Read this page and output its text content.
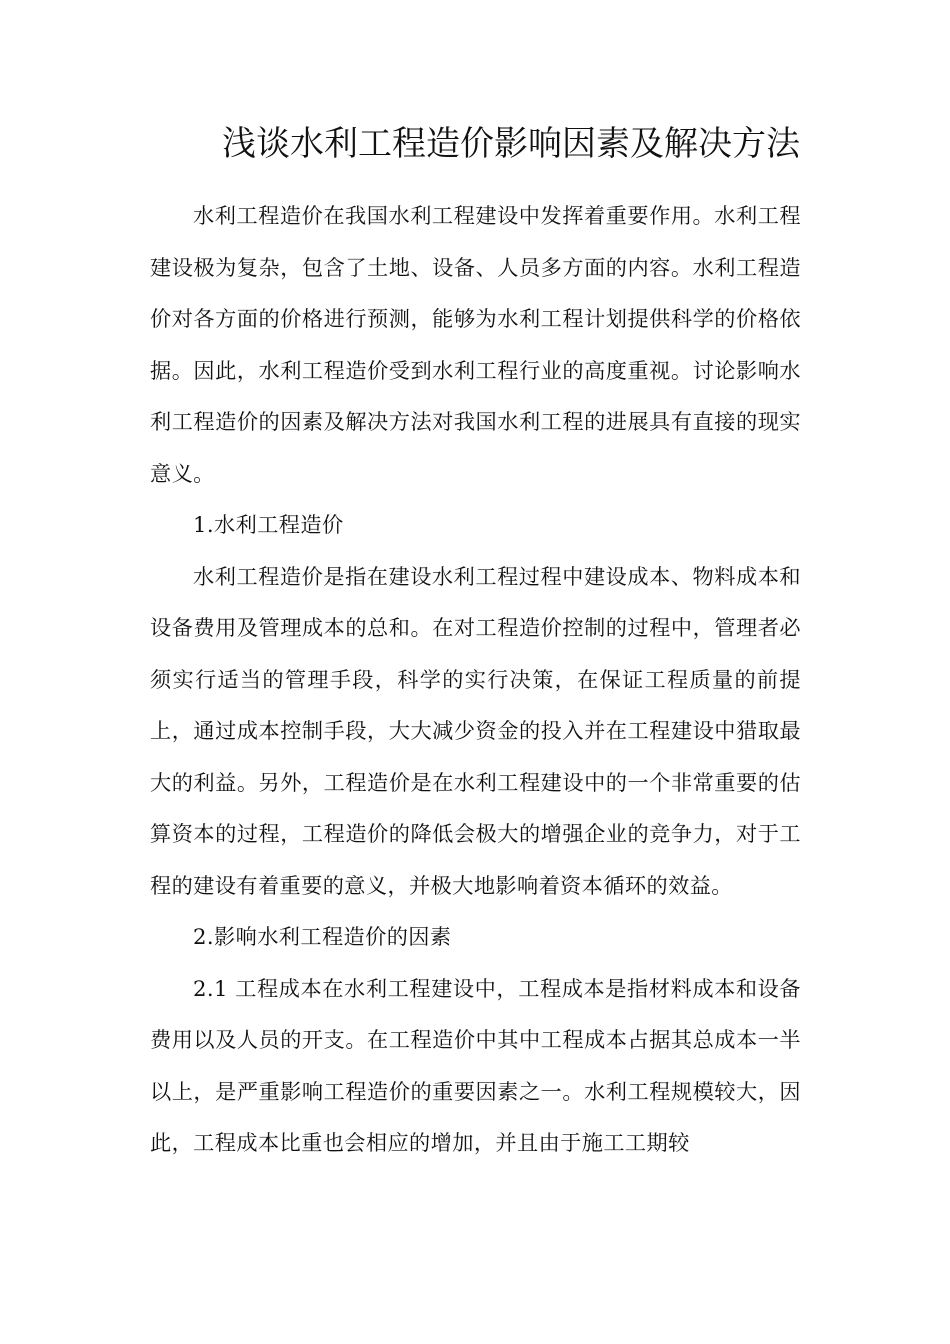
浅谈水利工程造价影响因素及解决方法

水利工程造价在我国水利工程建设中发挥着重要作用。水利工程建设极为复杂，包含了土地、设备、人员多方面的内容。水利工程造价对各方面的价格进行预测，能够为水利工程计划提供科学的价格依据。因此，水利工程造价受到水利工程行业的高度重视。讨论影响水利工程造价的因素及解决方法对我国水利工程的进展具有直接的现实意义。

1.水利工程造价

水利工程造价是指在建设水利工程过程中建设成本、物料成本和设备费用及管理成本的总和。在对工程造价控制的过程中，管理者必须实行适当的管理手段，科学的实行决策，在保证工程质量的前提上，通过成本控制手段，大大减少资金的投入并在工程建设中猎取最大的利益。另外，工程造价是在水利工程建设中的一个非常重要的估算资本的过程，工程造价的降低会极大的增强企业的竞争力，对于工程的建设有着重要的意义，并极大地影响着资本循环的效益。

2.影响水利工程造价的因素

2.1 工程成本在水利工程建设中，工程成本是指材料成本和设备费用以及人员的开支。在工程造价中其中工程成本占据其总成本一半以上，是严重影响工程造价的重要因素之一。水利工程规模较大，因此，工程成本比重也会相应的增加，并且由于施工工期较
